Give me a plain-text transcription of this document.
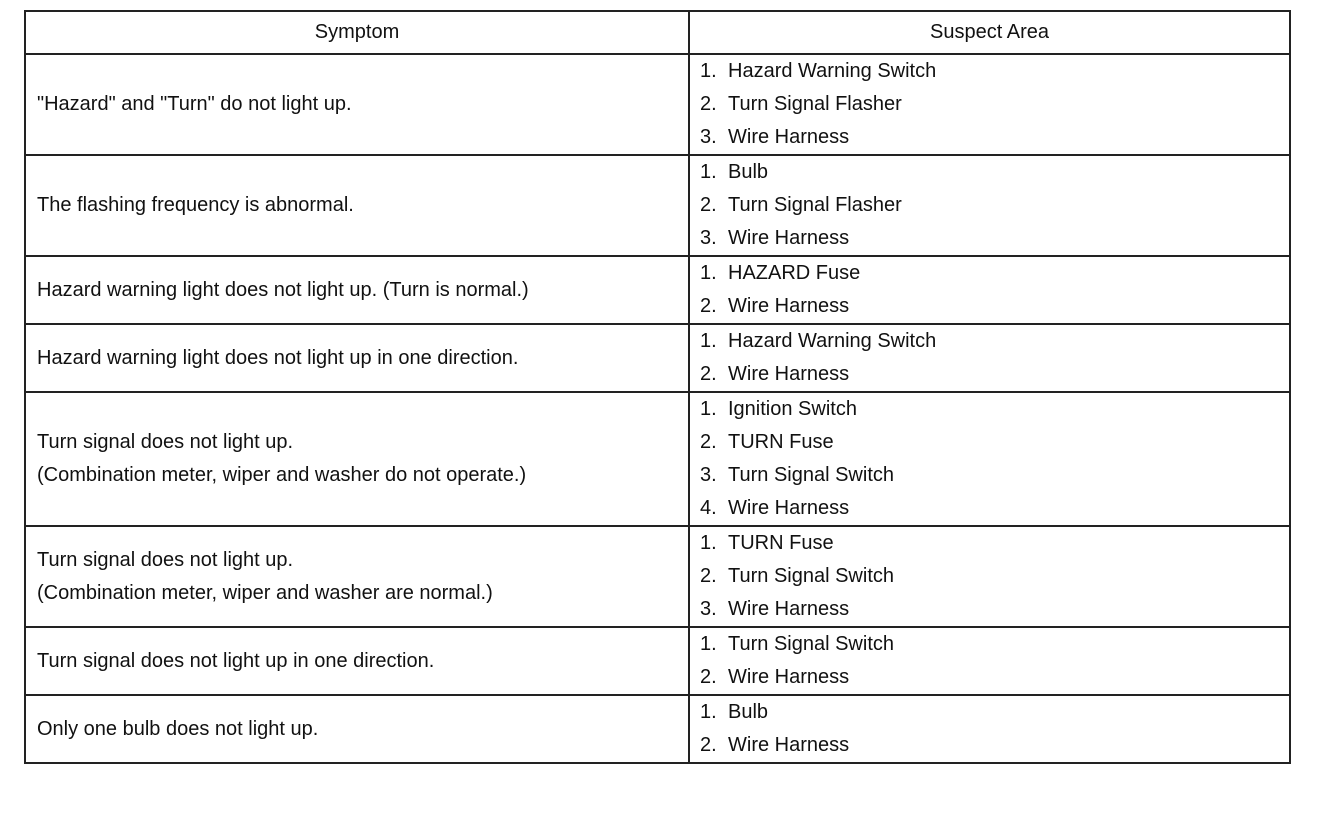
Symptom	Suspect Area

"Hazard" and "Turn" do not light up.	1. Hazard Warning Switch
2. Turn Signal Flasher
3. Wire Harness

The flashing frequency is abnormal.	1. Bulb
2. Turn Signal Flasher
3. Wire Harness

Hazard warning light does not light up. (Turn is normal.)	1. HAZARD Fuse
2. Wire Harness

Hazard warning light does not light up in one direction.	1. Hazard Warning Switch
2. Wire Harness

Turn signal does not light up.
(Combination meter, wiper and washer do not operate.)	1. Ignition Switch
2. TURN Fuse
3. Turn Signal Switch
4. Wire Harness

Turn signal does not light up.
(Combination meter, wiper and washer are normal.)	1. TURN Fuse
2. Turn Signal Switch
3. Wire Harness

Turn signal does not light up in one direction.	1. Turn Signal Switch
2. Wire Harness

Only one bulb does not light up.	1. Bulb
2. Wire Harness
